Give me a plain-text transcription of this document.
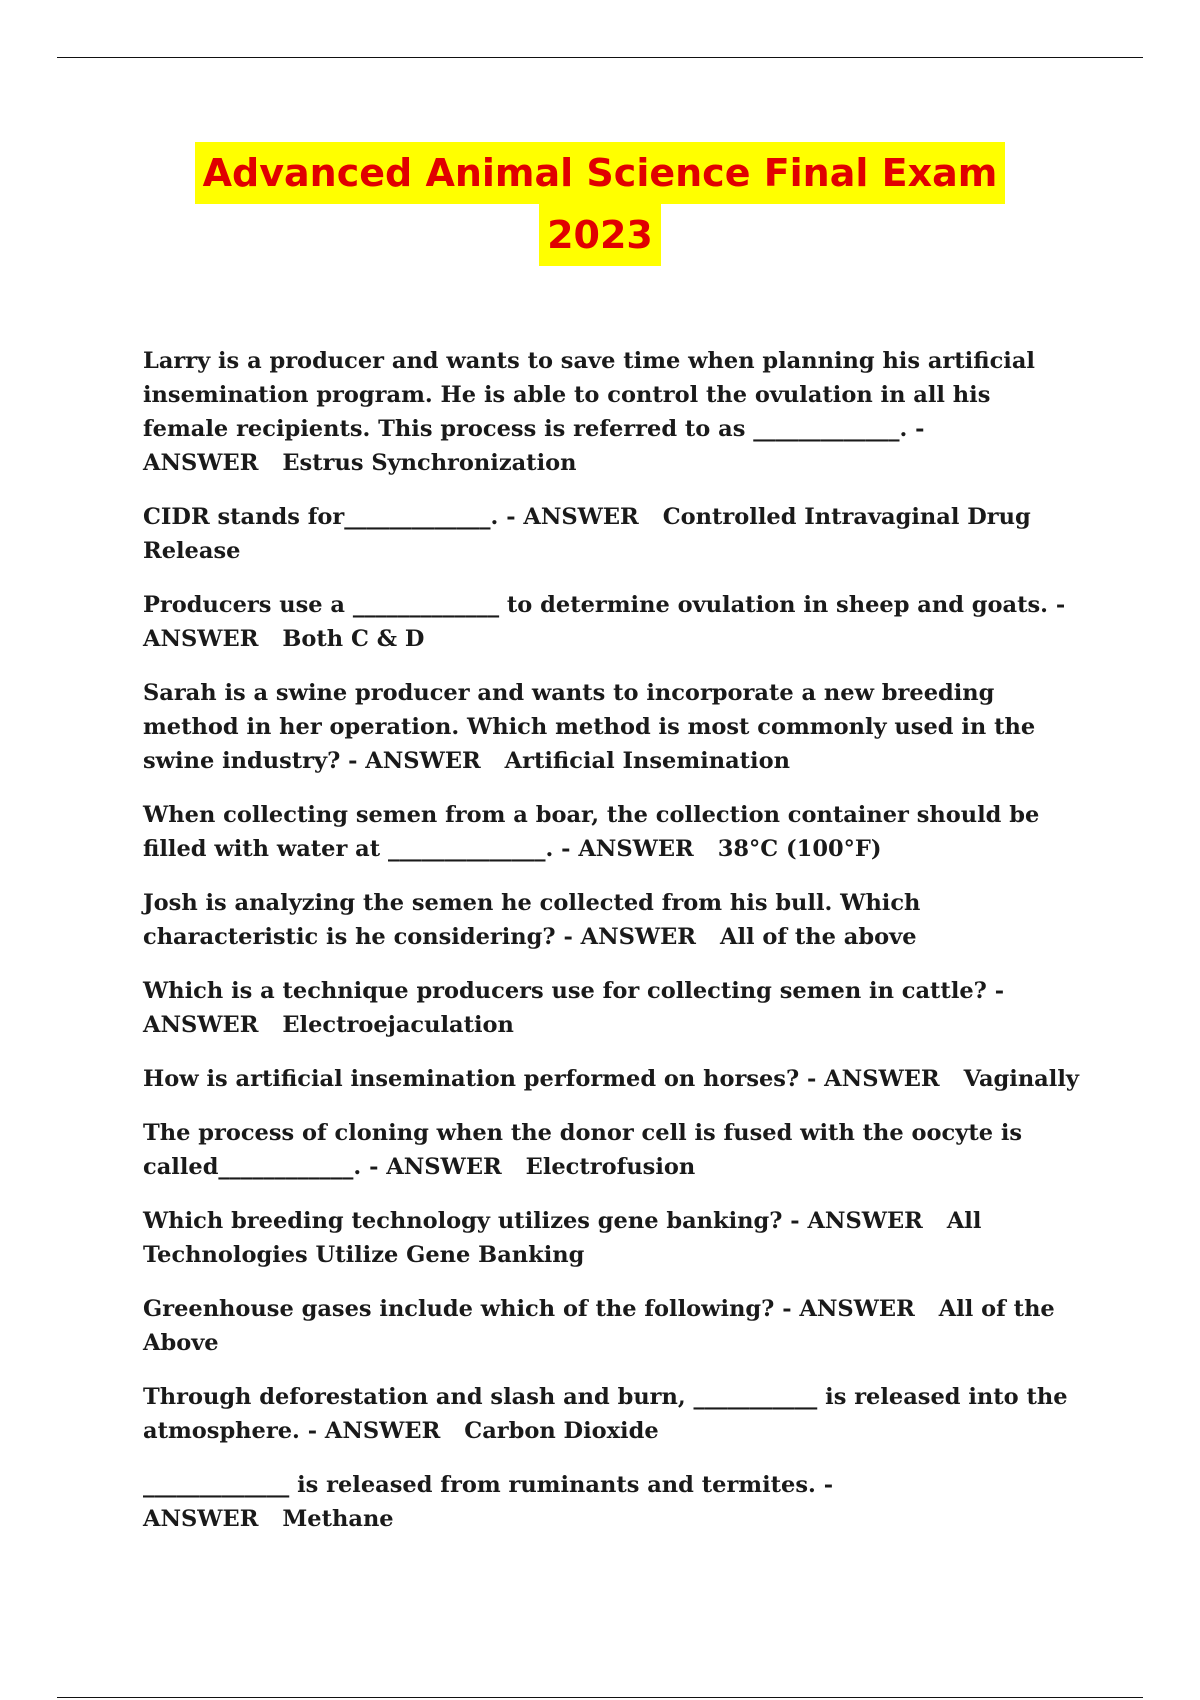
Advanced Animal Science Final Exam
2023

Larry is a producer and wants to save time when planning his artificial insemination program. He is able to control the ovulation in all his female recipients. This process is referred to as _____________. - ANSWER Estrus Synchronization

CIDR stands for_____________. - ANSWER Controlled Intravaginal Drug Release

Producers use a _____________ to determine ovulation in sheep and goats. - ANSWER Both C & D

Sarah is a swine producer and wants to incorporate a new breeding method in her operation. Which method is most commonly used in the swine industry? - ANSWER Artificial Insemination

When collecting semen from a boar, the collection container should be filled with water at ______________. - ANSWER 38°C (100°F)

Josh is analyzing the semen he collected from his bull. Which characteristic is he considering? - ANSWER All of the above

Which is a technique producers use for collecting semen in cattle? - ANSWER Electroejaculation

How is artificial insemination performed on horses? - ANSWER Vaginally

The process of cloning when the donor cell is fused with the oocyte is called____________. - ANSWER Electrofusion

Which breeding technology utilizes gene banking? - ANSWER All Technologies Utilize Gene Banking

Greenhouse gases include which of the following? - ANSWER All of the Above

Through deforestation and slash and burn, ___________ is released into the atmosphere. - ANSWER Carbon Dioxide

_____________ is released from ruminants and termites. - ANSWER Methane
